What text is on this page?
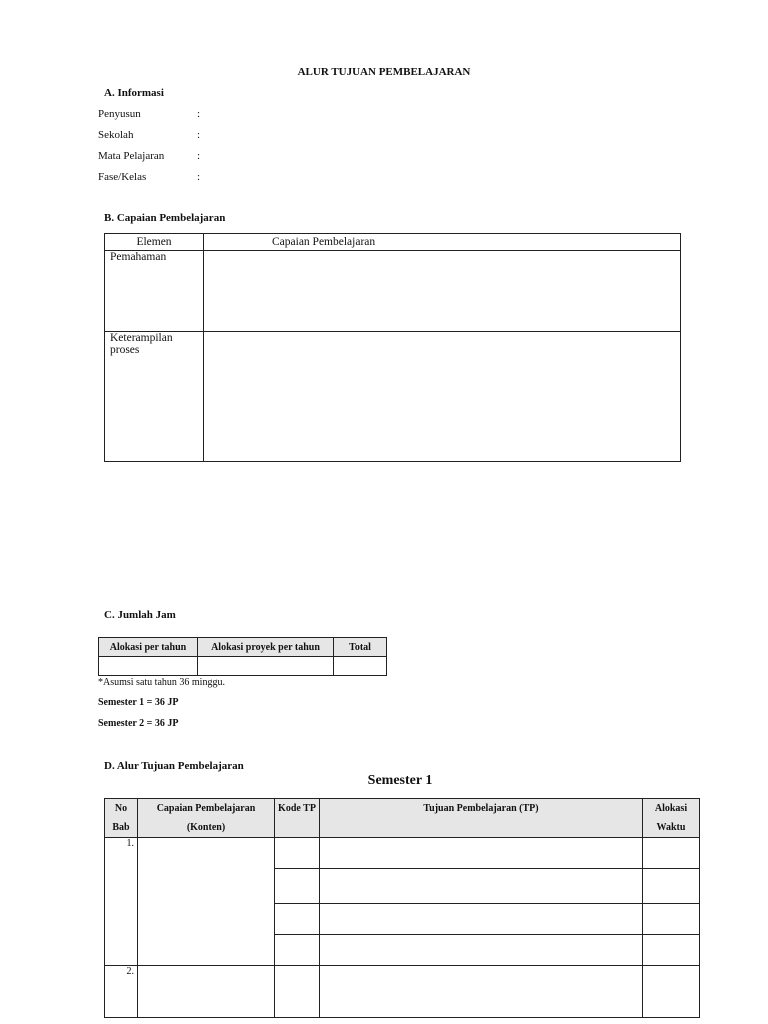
ALUR TUJUAN PEMBELAJARAN
A. Informasi
Penyusun	:
Sekolah	:
Mata Pelajaran	:
Fase/Kelas	:
B. Capaian Pembelajaran
Elemen	Capaian Pembelajaran
Pemahaman	
Keterampilan proses	
C. Jumlah Jam
Alokasi per tahun	Alokasi proyek per tahun	Total

*Asumsi satu tahun 36 minggu.
Semester 1 = 36 JP
Semester 2 = 36 JP
D. Alur Tujuan Pembelajaran
Semester 1
No Bab	Capaian Pembelajaran (Konten)	Kode TP	Tujuan Pembelajaran (TP)	Alokasi Waktu
1.				

2.				
